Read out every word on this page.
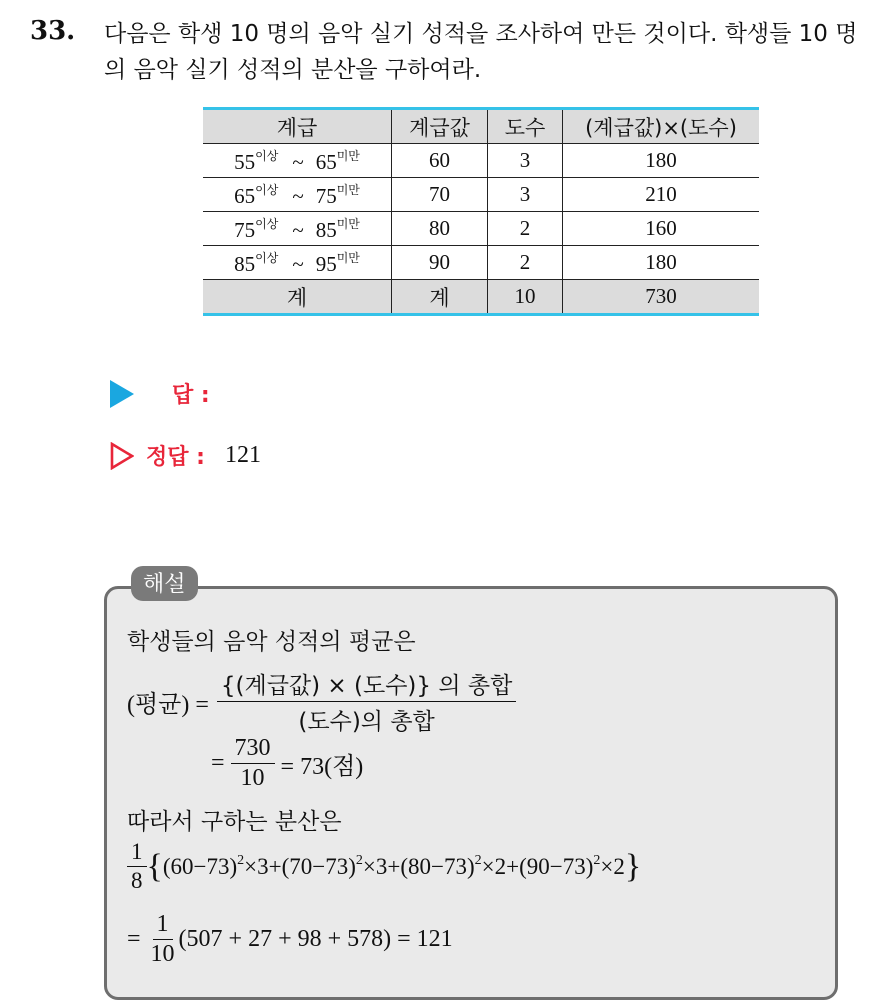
33. 다음은 학생 10 명의 음악 실기 성적을 조사하여 만든 것이다. 학생들 10 명의 음악 실기 성적의 분산을 구하여라.
계급	계급값	도수	(계급값)×(도수)
$55^{이상}$ ~ $65^{미만}$	60	3	180
$65^{이상}$ ~ $75^{미만}$	70	3	210
$75^{이상}$ ~ $85^{미만}$	80	2	160
$85^{이상}$ ~ $95^{미만}$	90	2	180
계	계	10	730
답 :
정답 : 121
해설
학생들의 음악 성적의 평균은
(평균) = $\frac{\text{\{(계급값) × (도수)\} 의 총합}}{\text{(도수)의 총합}}$
= $\frac{730}{10} = 73$(점)
따라서 구하는 분산은
$\frac{1}{8}$ { $(60-73)^2\times 3+ (70-73)^2\times 3+ (80-73)^2\times 2+ (90-73)^2\times 2$ }
= $\frac{1}{10} (507 + 27 + 98 + 578) = 121$
